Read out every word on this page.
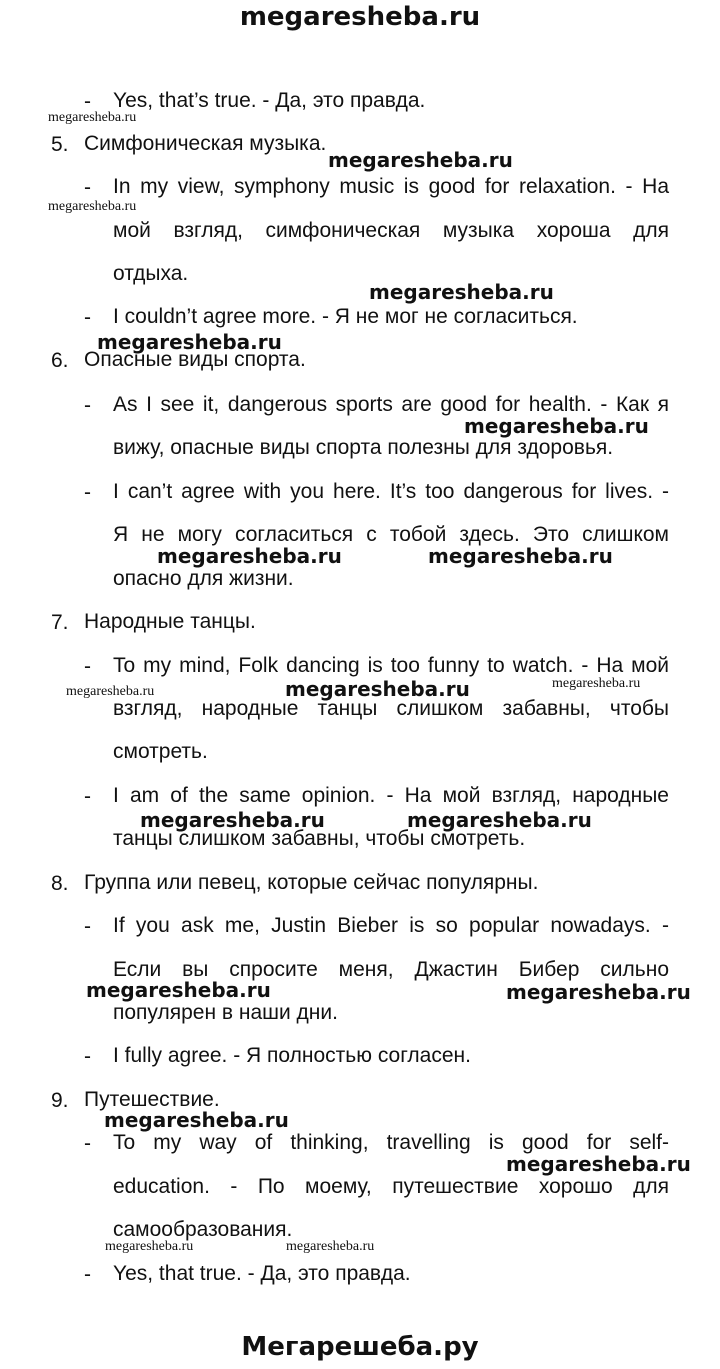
megaresheba.ru
- Yes, that’s true. - Да, это правда.
megaresheba.ru
5. Симфоническая музыка.
megaresheba.ru
- In my view, symphony music is good for relaxation. - На
megaresheba.ru
мой взгляд, симфоническая музыка хороша для
отдыха.
megaresheba.ru
- I couldn’t agree more. - Я не мог не согласиться.
megaresheba.ru
6. Опасные виды спорта.
- As I see it, dangerous sports are good for health. - Как я
megaresheba.ru
вижу, опасные виды спорта полезны для здоровья.
- I can’t agree with you here. It’s too dangerous for lives. -
Я не могу согласиться с тобой здесь. Это слишком
megaresheba.ru	megaresheba.ru
опасно для жизни.
7. Народные танцы.
- To my mind, Folk dancing is too funny to watch. - На мой
megaresheba.ru
megaresheba.ru	megaresheba.ru
взгляд, народные танцы слишком забавны, чтобы
смотреть.
- I am of the same opinion. - На мой взгляд, народные
megaresheba.ru	megaresheba.ru
танцы слишком забавны, чтобы смотреть.
8. Группа или певец, которые сейчас популярны.
- If you ask me, Justin Bieber is so popular nowadays. -
Если вы спросите меня, Джастин Бибер сильно
megaresheba.ru	megaresheba.ru
популярен в наши дни.
- I fully agree. - Я полностью согласен.
9. Путешествие.
megaresheba.ru
- To my way of thinking, travelling is good for self-
megaresheba.ru
education. - По моему, путешествие хорошо для
самообразования.
megaresheba.ru	megaresheba.ru
- Yes, that true. - Да, это правда.
Мегарешеба.ру
